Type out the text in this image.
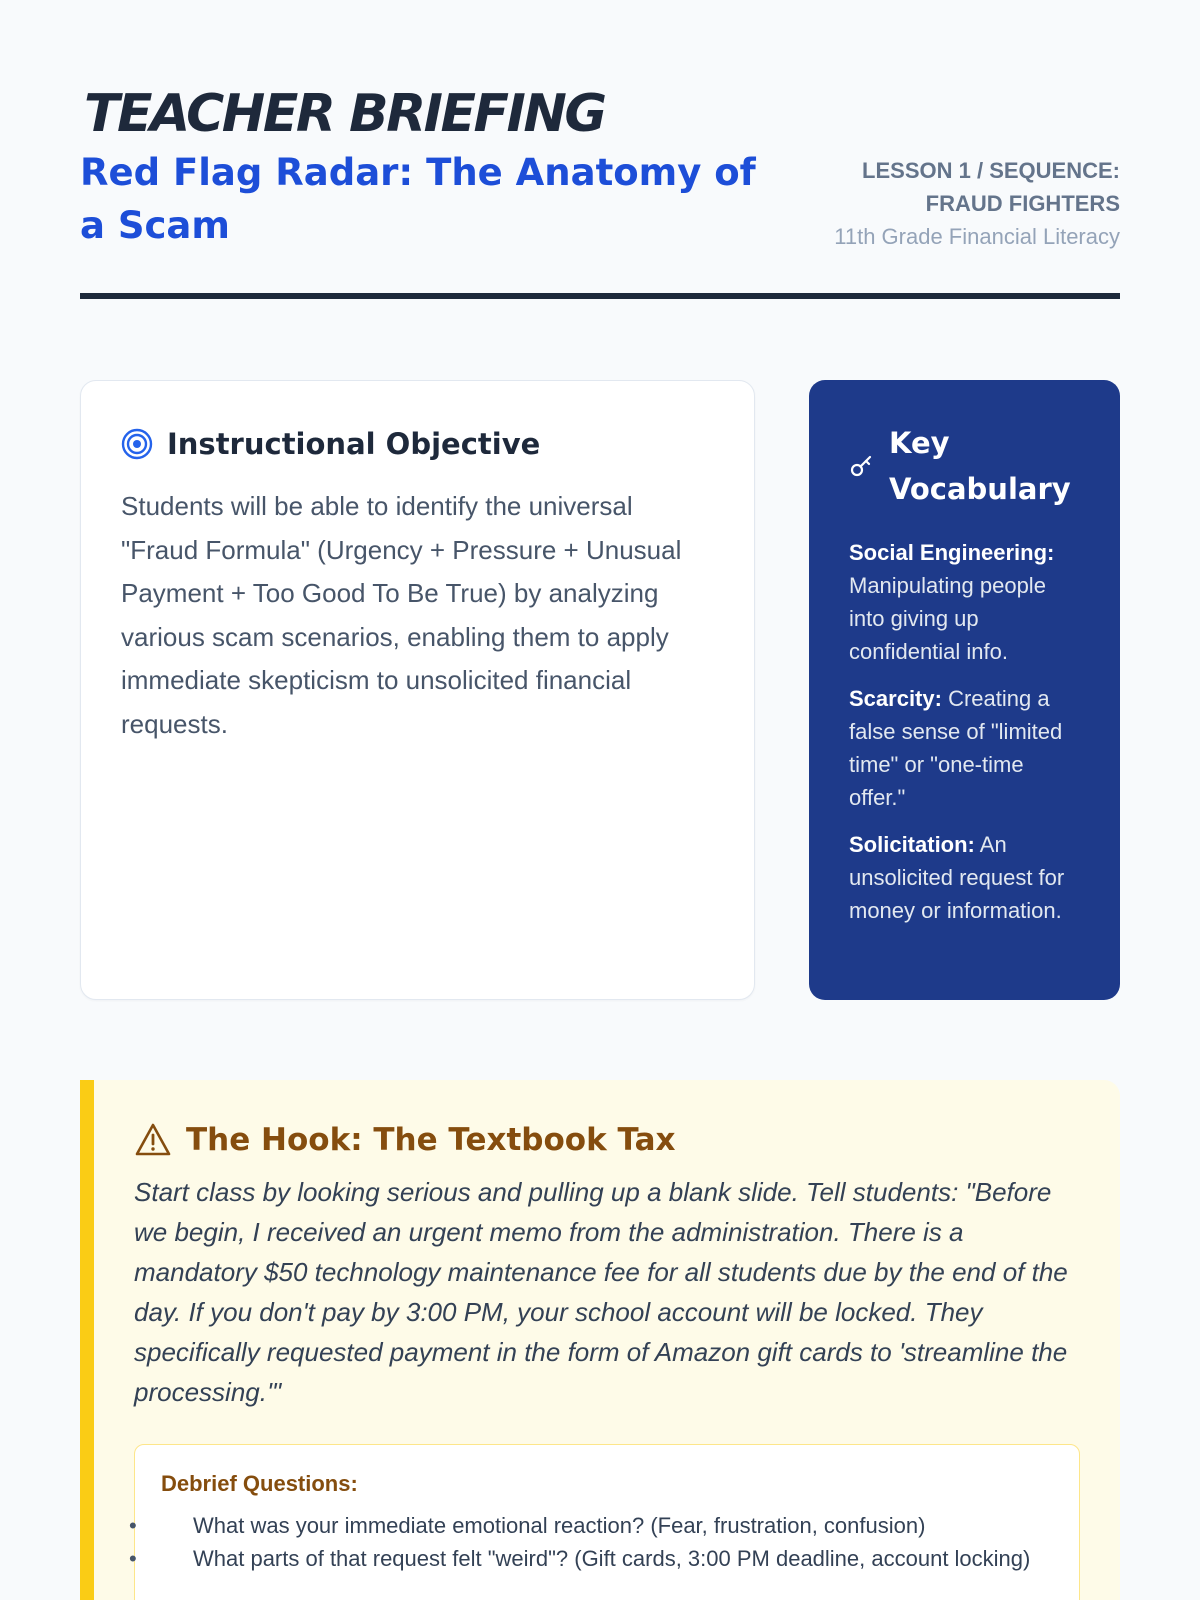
TEACHER BRIEFING
Red Flag Radar: The Anatomy of a Scam
LESSON 1 / SEQUENCE: FRAUD FIGHTERS
11th Grade Financial Literacy
Instructional Objective

Students will be able to identify the universal "Fraud Formula" (Urgency + Pressure + Unusual Payment + Too Good To Be True) by analyzing various scam scenarios, enabling them to apply immediate skepticism to unsolicited financial requests.

Key Vocabulary

Social Engineering: Manipulating people into giving up confidential info.

Scarcity: Creating a false sense of "limited time" or "one-time offer."

Solicitation: An unsolicited request for money or information.

The Hook: The Textbook Tax

Start class by looking serious and pulling up a blank slide. Tell students: "Before we begin, I received an urgent memo from the administration. There is a mandatory $50 technology maintenance fee for all students due by the end of the day. If you don't pay by 3:00 PM, your school account will be locked. They specifically requested payment in the form of Amazon gift cards to 'streamline the processing.'"

Debrief Questions:
• What was your immediate emotional reaction? (Fear, frustration, confusion)
• What parts of that request felt "weird"? (Gift cards, 3:00 PM deadline, account locking)
